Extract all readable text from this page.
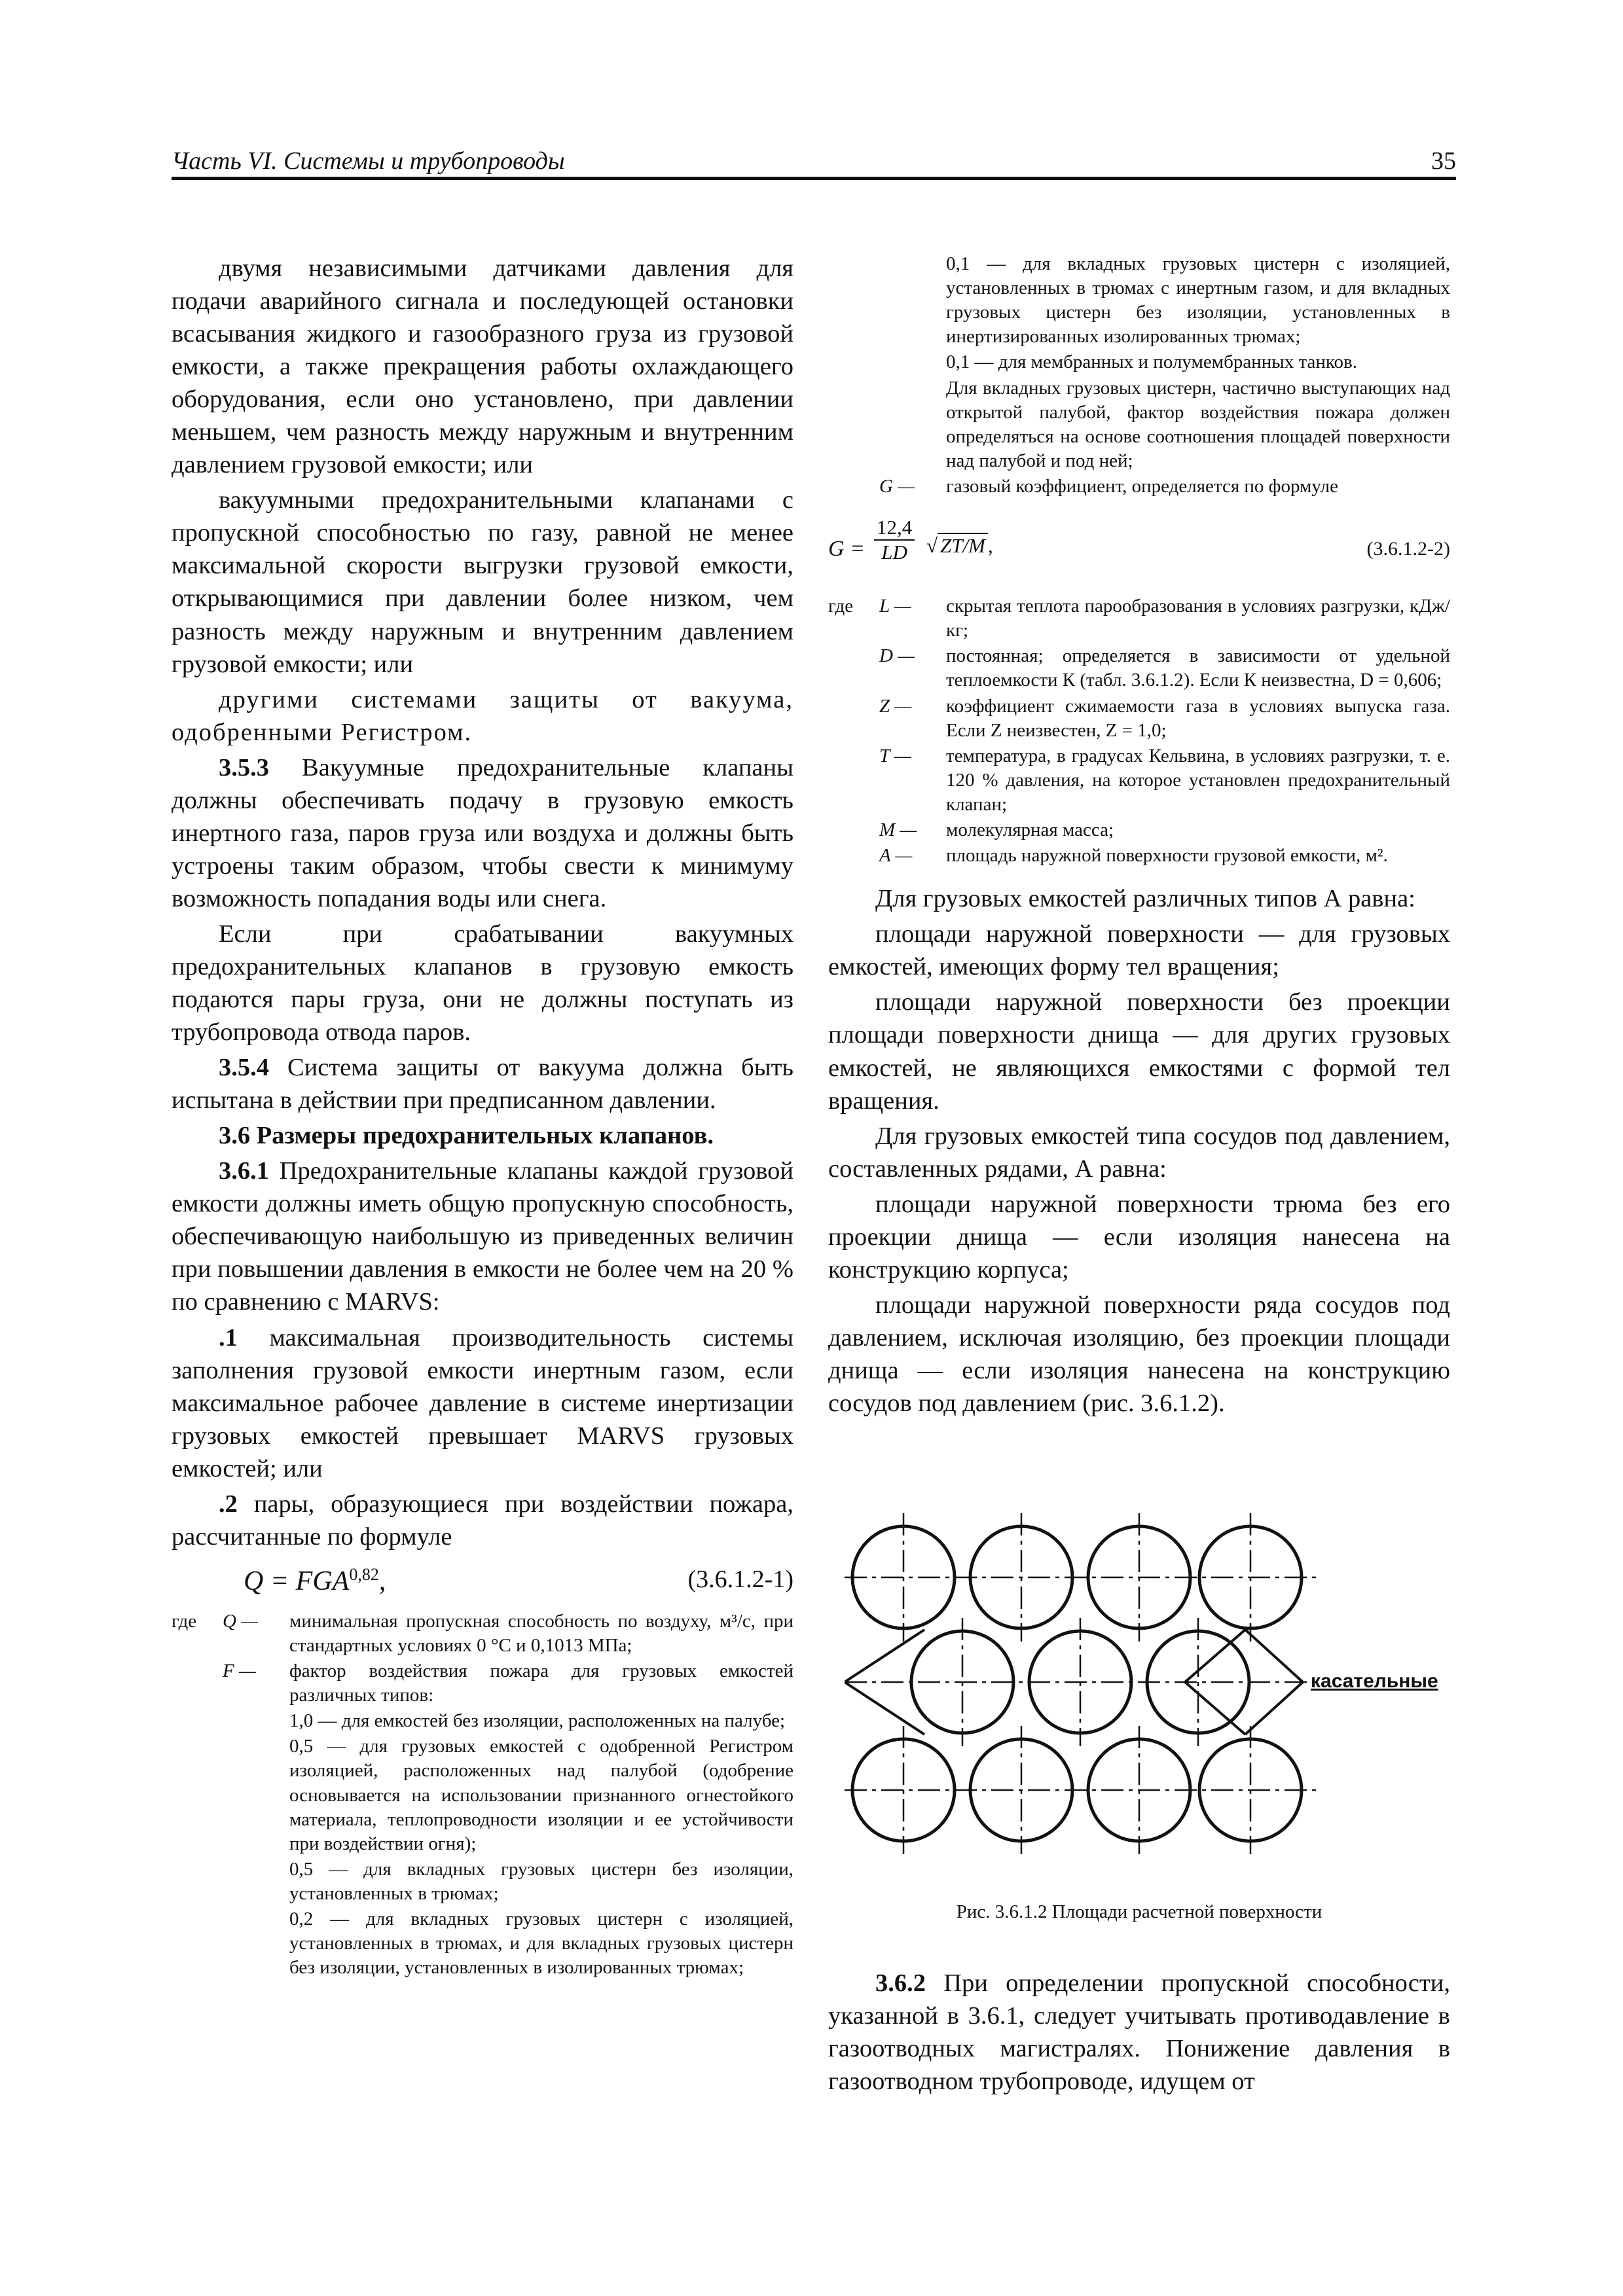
Часть VI. Системы и трубопроводы	35

двумя независимыми датчиками давления для подачи аварийного сигнала и последующей остановки всасывания жидкого и газообразного груза из грузовой емкости, а также прекращения работы охлаждающего оборудования, если оно установлено, при давлении меньшем, чем разность между наружным и внутренним давлением грузовой емкости; или

вакуумными предохранительными клапанами с пропускной способностью по газу, равной не менее максимальной скорости выгрузки грузовой емкости, открывающимися при давлении более низком, чем разность между наружным и внутренним давлением грузовой емкости; или

другими системами защиты от вакуума, одобренными Регистром.

3.5.3 Вакуумные предохранительные клапаны должны обеспечивать подачу в грузовую емкость инертного газа, паров груза или воздуха и должны быть устроены таким образом, чтобы свести к минимуму возможность попадания воды или снега.

Если при срабатывании вакуумных предохранительных клапанов в грузовую емкость подаются пары груза, они не должны поступать из трубопровода отвода паров.

3.5.4 Система защиты от вакуума должна быть испытана в действии при предписанном давлении.

3.6 Размеры предохранительных клапанов.

3.6.1 Предохранительные клапаны каждой грузовой емкости должны иметь общую пропускную способность, обеспечивающую наибольшую из приведенных величин при повышении давления в емкости не более чем на 20 % по сравнению с MARVS:

.1 максимальная производительность системы заполнения грузовой емкости инертным газом, если максимальное рабочее давление в системе инертизации грузовых емкостей превышает MARVS грузовых емкостей; или

.2 пары, образующиеся при воздействии пожара, рассчитанные по формуле

Q = FGA$^{0,82}$,	(3.6.1.2-1)
где Q —	минимальная пропускная способность по воздуху, м³/с, при стандартных условиях 0 °С и 0,1013 МПа;
F —	фактор воздействия пожара для грузовых емкостей различных типов:
1,0 — для емкостей без изоляции, расположенных на палубе;
0,5 — для грузовых емкостей с одобренной Регистром изоляцией, расположенных над палубой (одобрение основывается на использовании признанного огнестойкого материала, теплопроводности изоляции и ее устойчивости при воздействии огня);
0,5 — для вкладных грузовых цистерн без изоляции, установленных в трюмах;
0,2 — для вкладных грузовых цистерн с изоляцией, установленных в трюмах, и для вкладных грузовых цистерн без изоляции, установленных в изолированных трюмах;
0,1 — для вкладных грузовых цистерн с изоляцией, установленных в трюмах с инертным газом, и для вкладных грузовых цистерн без изоляции, установленных в инертизированных изолированных трюмах;
0,1 — для мембранных и полумембранных танков.
Для вкладных грузовых цистерн, частично выступающих над открытой палубой, фактор воздействия пожара должен определяться на основе соотношения площадей поверхности над палубой и под ней;
G —	газовый коэффициент, определяется по формуле
$G = \frac{12,4}{LD}$ √ ZT/M ,	(3.6.1.2-2)
где L —	скрытая теплота парообразования в условиях разгрузки, кДж/кг;
D —	постоянная; определяется в зависимости от удельной теплоемкости К (табл. 3.6.1.2). Если К неизвестна, D = 0,606;
Z —	коэффициент сжимаемости газа в условиях выпуска газа. Если Z неизвестен, Z = 1,0;
T —	температура, в градусах Кельвина, в условиях разгрузки, т. е. 120 % давления, на которое установлен предохранительный клапан;
M —	молекулярная масса;
A —	площадь наружной поверхности грузовой емкости, м².

Для грузовых емкостей различных типов А равна:

площади наружной поверхности — для грузовых емкостей, имеющих форму тел вращения;

площади наружной поверхности без проекции площади поверхности днища — для других грузовых емкостей, не являющихся емкостями с формой тел вращения.

Для грузовых емкостей типа сосудов под давлением, составленных рядами, А равна:

площади наружной поверхности трюма без его проекции днища — если изоляция нанесена на конструкцию корпуса;

площади наружной поверхности ряда сосудов под давлением, исключая изоляцию, без проекции площади днища — если изоляция нанесена на конструкцию сосудов под давлением (рис. 3.6.1.2).

касательные
Рис. 3.6.1.2 Площади расчетной поверхности

3.6.2 При определении пропускной способности, указанной в 3.6.1, следует учитывать противодавление в газоотводных магистралях. Понижение давления в газоотводном трубопроводе, идущем от
